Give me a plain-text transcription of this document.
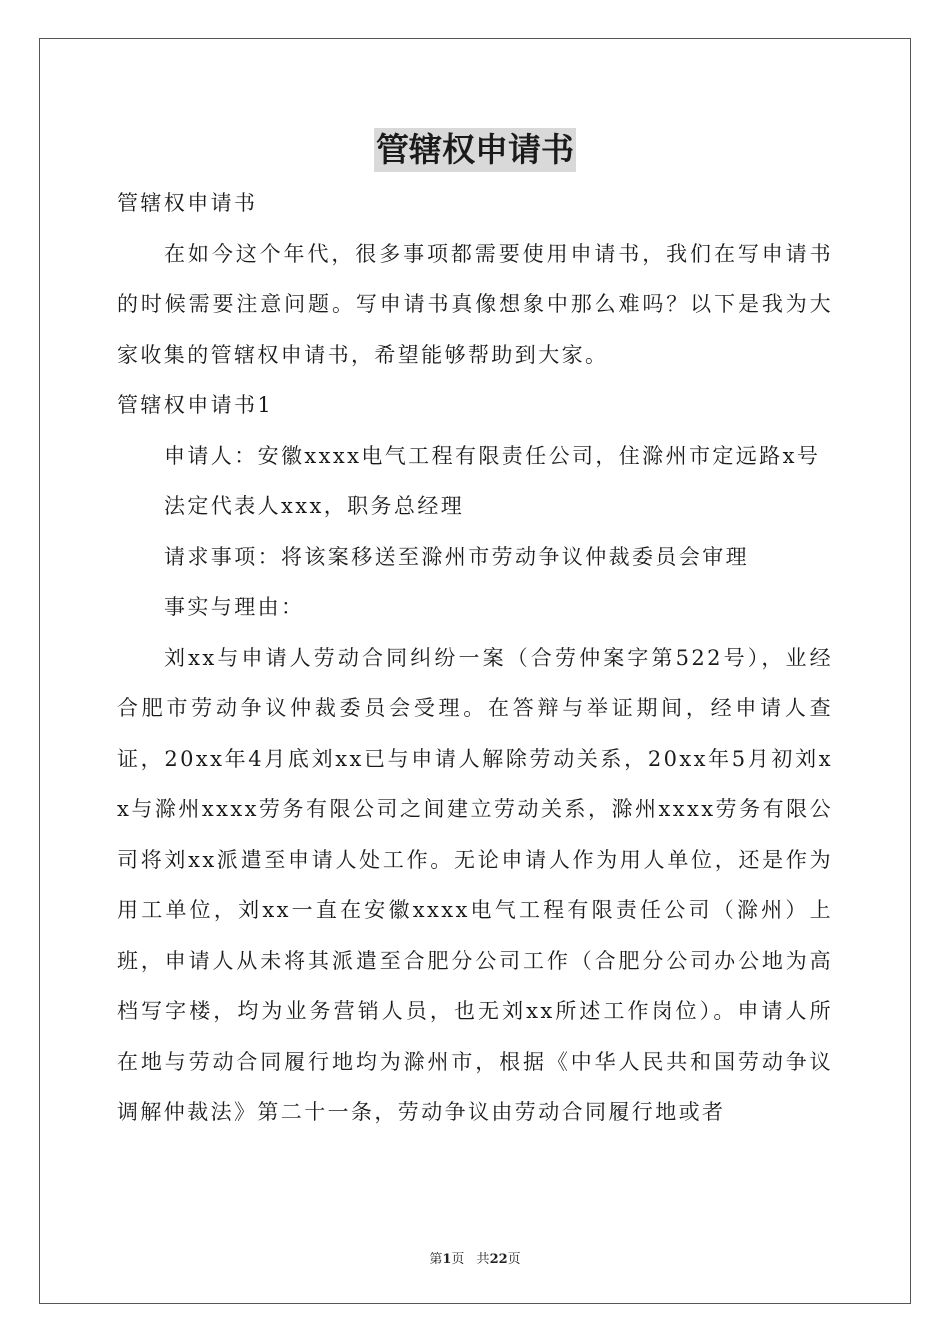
管辖权申请书

管辖权申请书

在如今这个年代，很多事项都需要使用申请书，我们在写申请书的时候需要注意问题。写申请书真像想象中那么难吗？以下是我为大家收集的管辖权申请书，希望能够帮助到大家。

管辖权申请书1

申请人：安徽xxxx电气工程有限责任公司，住滁州市定远路x号

法定代表人xxx，职务总经理

请求事项：将该案移送至滁州市劳动争议仲裁委员会审理

事实与理由：

刘xx与申请人劳动合同纠纷一案（合劳仲案字第522号），业经合肥市劳动争议仲裁委员会受理。在答辩与举证期间，经申请人查证，20xx年4月底刘xx已与申请人解除劳动关系，20xx年5月初刘xx与滁州xxxx劳务有限公司之间建立劳动关系，滁州xxxx劳务有限公司将刘xx派遣至申请人处工作。无论申请人作为用人单位，还是作为用工单位，刘xx一直在安徽xxxx电气工程有限责任公司（滁州）上班，申请人从未将其派遣至合肥分公司工作（合肥分公司办公地为高档写字楼，均为业务营销人员，也无刘xx所述工作岗位）。申请人所在地与劳动合同履行地均为滁州市，根据《中华人民共和国劳动争议调解仲裁法》第二十一条，劳动争议由劳动合同履行地或者

第1页 共22页
